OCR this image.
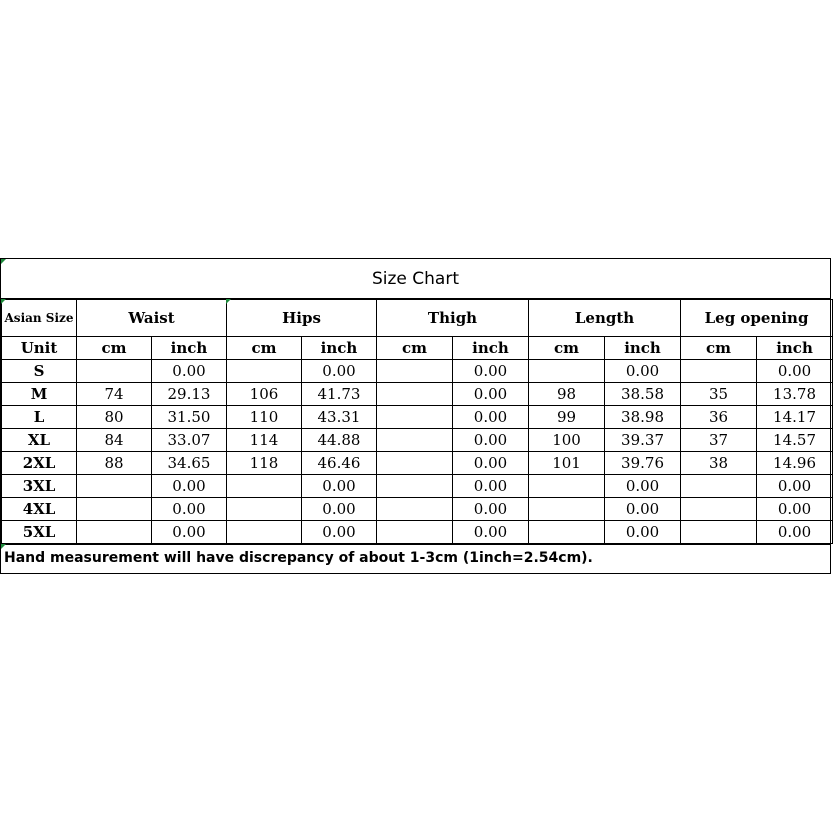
Size Chart
Asian Size	Waist		Hips		Thigh		Length		Leg opening	
Unit	cm	inch	cm	inch	cm	inch	cm	inch	cm	inch
S		0.00		0.00		0.00		0.00		0.00
M	74	29.13	106	41.73		0.00	98	38.58	35	13.78
L	80	31.50	110	43.31		0.00	99	38.98	36	14.17
XL	84	33.07	114	44.88		0.00	100	39.37	37	14.57
2XL	88	34.65	118	46.46		0.00	101	39.76	38	14.96
3XL		0.00		0.00		0.00		0.00		0.00
4XL		0.00		0.00		0.00		0.00		0.00
5XL		0.00		0.00		0.00		0.00		0.00
Hand measurement will have discrepancy of about 1-3cm (1inch=2.54cm).
